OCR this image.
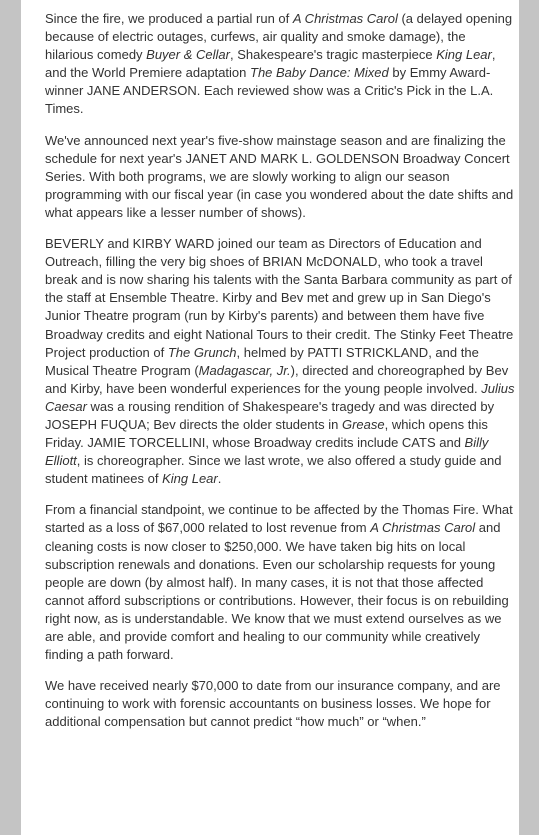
Since the fire, we produced a partial run of A Christmas Carol (a delayed opening because of electric outages, curfews, air quality and smoke damage), the hilarious comedy Buyer & Cellar, Shakespeare's tragic masterpiece King Lear, and the World Premiere adaptation The Baby Dance: Mixed by Emmy Award-winner JANE ANDERSON. Each reviewed show was a Critic's Pick in the L.A. Times.

We've announced next year's five-show mainstage season and are finalizing the schedule for next year's JANET AND MARK L. GOLDENSON Broadway Concert Series. With both programs, we are slowly working to align our season programming with our fiscal year (in case you wondered about the date shifts and what appears like a lesser number of shows).

BEVERLY and KIRBY WARD joined our team as Directors of Education and Outreach, filling the very big shoes of BRIAN McDONALD, who took a travel break and is now sharing his talents with the Santa Barbara community as part of the staff at Ensemble Theatre. Kirby and Bev met and grew up in San Diego's Junior Theatre program (run by Kirby's parents) and between them have five Broadway credits and eight National Tours to their credit. The Stinky Feet Theatre Project production of The Grunch, helmed by PATTI STRICKLAND, and the Musical Theatre Program (Madagascar, Jr.), directed and choreographed by Bev and Kirby, have been wonderful experiences for the young people involved. Julius Caesar was a rousing rendition of Shakespeare's tragedy and was directed by JOSEPH FUQUA; Bev directs the older students in Grease, which opens this Friday. JAMIE TORCELLINI, whose Broadway credits include CATS and Billy Elliott, is choreographer. Since we last wrote, we also offered a study guide and student matinees of King Lear.

From a financial standpoint, we continue to be affected by the Thomas Fire. What started as a loss of $67,000 related to lost revenue from A Christmas Carol and cleaning costs is now closer to $250,000. We have taken big hits on local subscription renewals and donations. Even our scholarship requests for young people are down (by almost half). In many cases, it is not that those affected cannot afford subscriptions or contributions. However, their focus is on rebuilding right now, as is understandable. We know that we must extend ourselves as we are able, and provide comfort and healing to our community while creatively finding a path forward.

We have received nearly $70,000 to date from our insurance company, and are continuing to work with forensic accountants on business losses. We hope for additional compensation but cannot predict “how much” or “when.”
